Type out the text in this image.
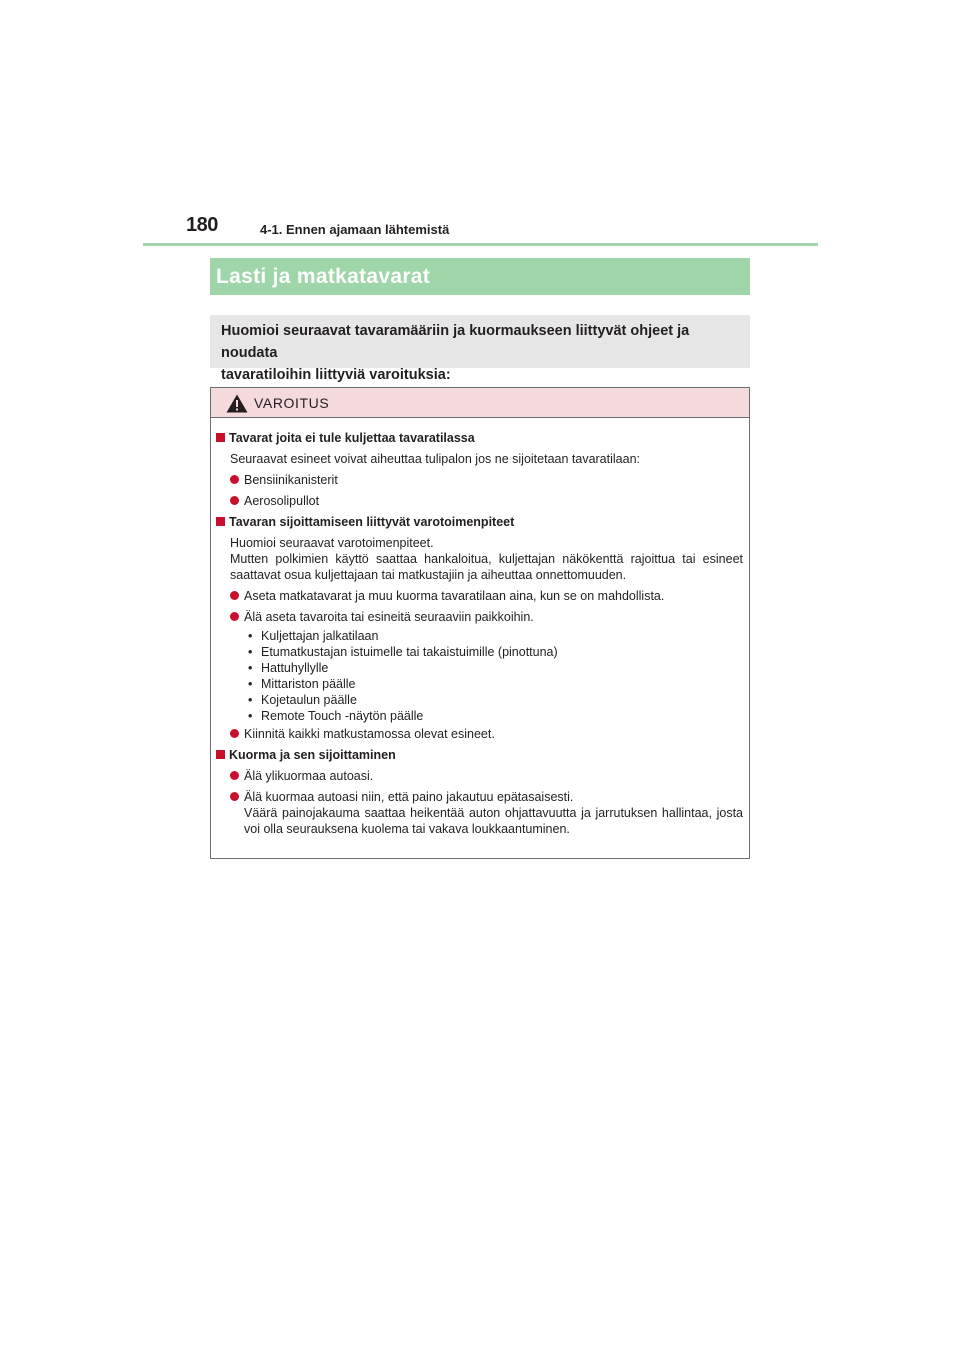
180	4-1. Ennen ajamaan lähtemistä
Lasti ja matkatavarat
Huomioi seuraavat tavaramääriin ja kuormaukseen liittyvät ohjeet ja noudata
tavaratiloihin liittyviä varoituksia:
VAROITUS
Tavarat joita ei tule kuljettaa tavaratilassa
Seuraavat esineet voivat aiheuttaa tulipalon jos ne sijoitetaan tavaratilaan:
Bensiinikanisterit
Aerosolipullot
Tavaran sijoittamiseen liittyvät varotoimenpiteet
Huomioi seuraavat varotoimenpiteet.
Mutten polkimien käyttö saattaa hankaloitua, kuljettajan näkökenttä rajoittua tai esineet saattavat osua kuljettajaan tai matkustajiin ja aiheuttaa onnettomuuden.
Aseta matkatavarat ja muu kuorma tavaratilaan aina, kun se on mahdollista.
Älä aseta tavaroita tai esineitä seuraaviin paikkoihin.
• Kuljettajan jalkatilaan
• Etumatkustajan istuimelle tai takaistuimille (pinottuna)
• Hattuhyllylle
• Mittariston päälle
• Kojetaulun päälle
• Remote Touch -näytön päälle
Kiinnitä kaikki matkustamossa olevat esineet.
Kuorma ja sen sijoittaminen
Älä ylikuormaa autoasi.
Älä kuormaa autoasi niin, että paino jakautuu epätasaisesti.
Väärä painojakauma saattaa heikentää auton ohjattavuutta ja jarrutuksen hallintaa, josta voi olla seurauksena kuolema tai vakava loukkaantuminen.
